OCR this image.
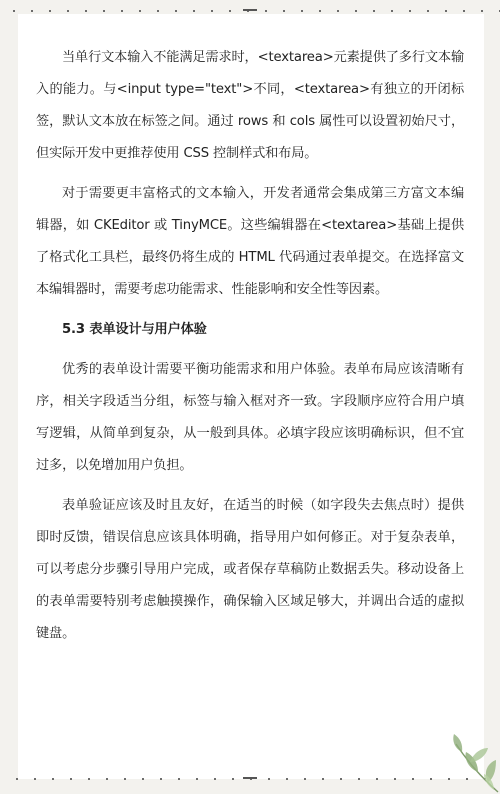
当单行文本输入不能满足需求时，<textarea>元素提供了多行文本输入的能力。与<input type="text">不同，<textarea>有独立的开闭标签，默认文本放在标签之间。通过 rows 和 cols 属性可以设置初始尺寸，但实际开发中更推荐使用 CSS 控制样式和布局。

对于需要更丰富格式的文本输入，开发者通常会集成第三方富文本编辑器，如 CKEditor 或 TinyMCE。这些编辑器在<textarea>基础上提供了格式化工具栏，最终仍将生成的 HTML 代码通过表单提交。在选择富文本编辑器时，需要考虑功能需求、性能影响和安全性等因素。

5.3 表单设计与用户体验

优秀的表单设计需要平衡功能需求和用户体验。表单布局应该清晰有序，相关字段适当分组，标签与输入框对齐一致。字段顺序应符合用户填写逻辑，从简单到复杂，从一般到具体。必填字段应该明确标识，但不宜过多，以免增加用户负担。

表单验证应该及时且友好，在适当的时候（如字段失去焦点时）提供即时反馈，错误信息应该具体明确，指导用户如何修正。对于复杂表单，可以考虑分步骤引导用户完成，或者保存草稿防止数据丢失。移动设备上的表单需要特别考虑触摸操作，确保输入区域足够大，并调出合适的虚拟键盘。
